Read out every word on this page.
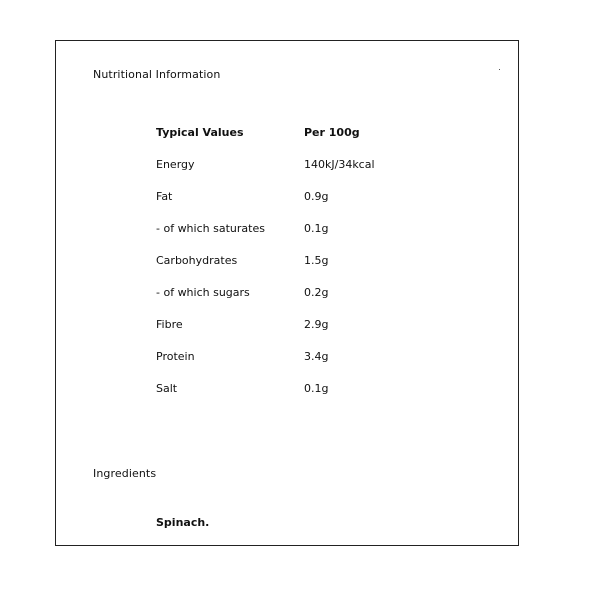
Nutritional Information
Typical Values	Per 100g
Energy	140kJ/34kcal
Fat	0.9g
- of which saturates	0.1g
Carbohydrates	1.5g
- of which sugars	0.2g
Fibre	2.9g
Protein	3.4g
Salt	0.1g
Ingredients
Spinach.
